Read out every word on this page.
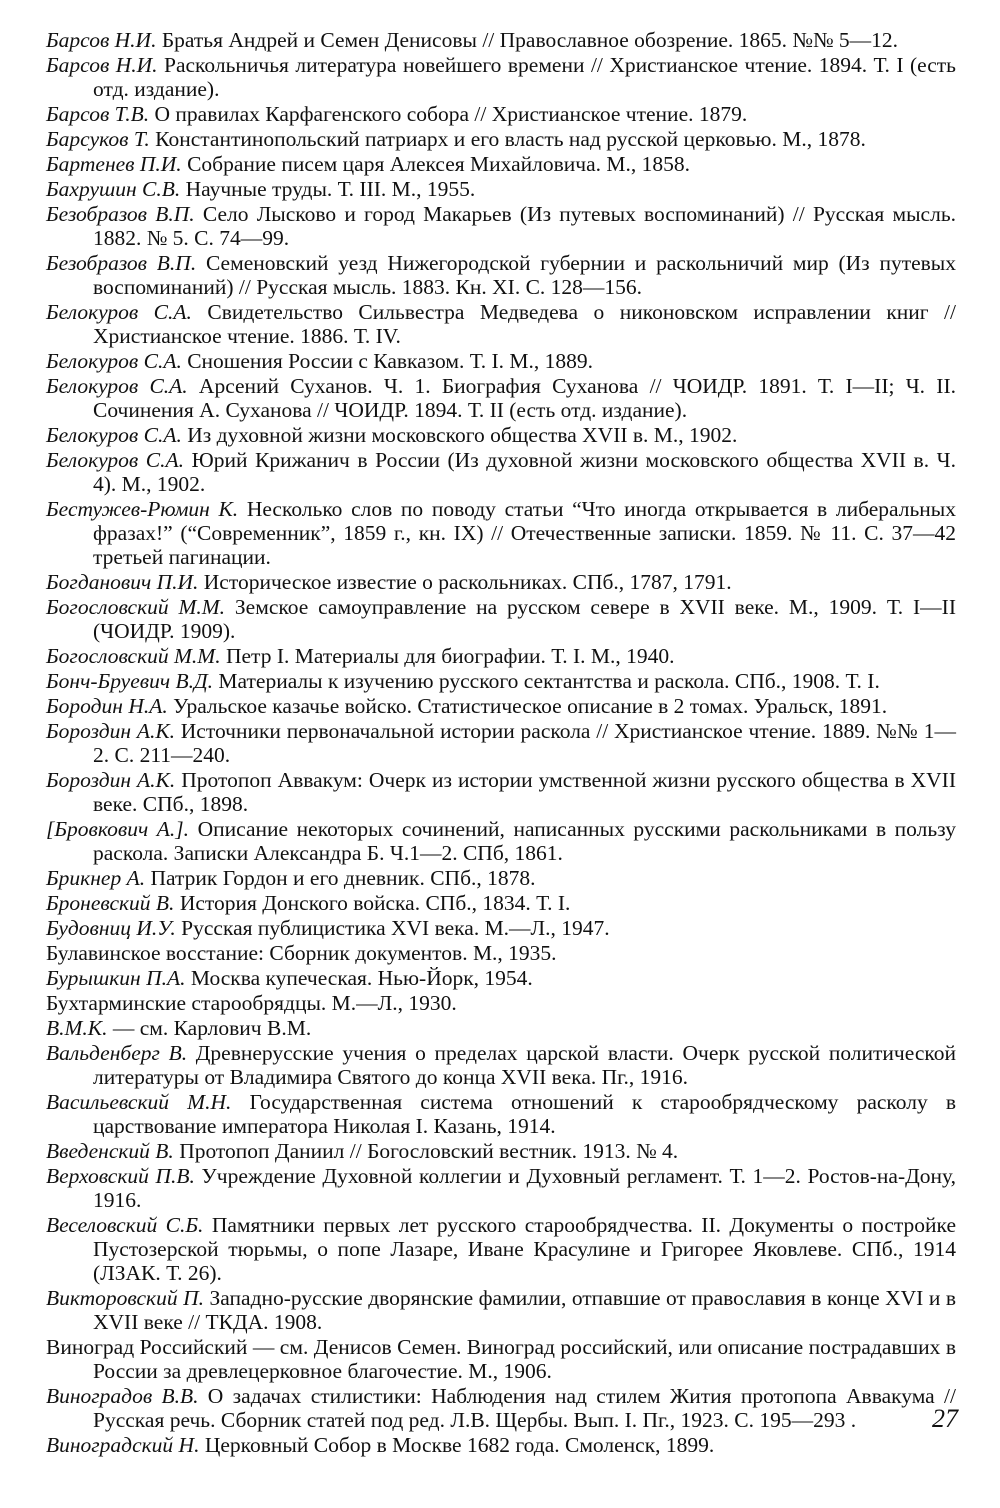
Барсов Н.И. Братья Андрей и Семен Денисовы // Православное обозрение. 1865. №№ 5—12.

Барсов Н.И. Раскольничья литература новейшего времени // Христианское чтение. 1894. Т. I (есть отд. издание).

Барсов Т.В. О правилах Карфагенского собора // Христианское чтение. 1879.

Барсуков Т. Константинопольский патриарх и его власть над русской церковью. М., 1878.

Бартенев П.И. Собрание писем царя Алексея Михайловича. М., 1858.

Бахрушин С.В. Научные труды. Т. III. М., 1955.

Безобразов В.П. Село Лысково и город Макарьев (Из путевых воспоминаний) // Русская мысль. 1882. № 5. С. 74—99.

Безобразов В.П. Семеновский уезд Нижегородской губернии и раскольничий мир (Из путевых воспоминаний) // Русская мысль. 1883. Кн. XI. С. 128—156.

Белокуров С.А. Свидетельство Сильвестра Медведева о никоновском исправлении книг // Христианское чтение. 1886. Т. IV.

Белокуров С.А. Сношения России с Кавказом. Т. I. М., 1889.

Белокуров С.А. Арсений Суханов. Ч. 1. Биография Суханова // ЧОИДР. 1891. Т. I—II; Ч. II. Сочинения А. Суханова // ЧОИДР. 1894. Т. II (есть отд. издание).

Белокуров С.А. Из духовной жизни московского общества XVII в. М., 1902.

Белокуров С.А. Юрий Крижанич в России (Из духовной жизни московского общества XVII в. Ч. 4). М., 1902.

Бестужев-Рюмин К. Несколько слов по поводу статьи “Что иногда открывается в либеральных фразах!” (“Современник”, 1859 г., кн. IX) // Отечественные записки. 1859. № 11. С. 37—42 третьей пагинации.

Богданович П.И. Историческое известие о раскольниках. СПб., 1787, 1791.

Богословский М.М. Земское самоуправление на русском севере в XVII веке. М., 1909. Т. I—II (ЧОИДР. 1909).

Богословский М.М. Петр I. Материалы для биографии. Т. I. М., 1940.

Бонч-Бруевич В.Д. Материалы к изучению русского сектантства и раскола. СПб., 1908. Т. I.

Бородин Н.А. Уральское казачье войско. Статистическое описание в 2 томах. Уральск, 1891.

Бороздин А.К. Источники первоначальной истории раскола // Христианское чтение. 1889. №№ 1—2. С. 211—240.

Бороздин А.К. Протопоп Аввакум: Очерк из истории умственной жизни русского общества в XVII веке. СПб., 1898.

[Бровкович А.]. Описание некоторых сочинений, написанных русскими раскольниками в пользу раскола. Записки Александра Б. Ч.1—2. СПб, 1861.

Брикнер А. Патрик Гордон и его дневник. СПб., 1878.

Броневский В. История Донского войска. СПб., 1834. Т. I.

Будовниц И.У. Русская публицистика XVI века. М.—Л., 1947.

Булавинское восстание: Сборник документов. М., 1935.

Бурышкин П.А. Москва купеческая. Нью-Йорк, 1954.

Бухтарминские старообрядцы. М.—Л., 1930.

В.М.К. — см. Карлович В.М.

Вальденберг В. Древнерусские учения о пределах царской власти. Очерк русской политической литературы от Владимира Святого до конца XVII века. Пг., 1916.

Васильевский М.Н. Государственная система отношений к старообрядческому расколу в царствование императора Николая I. Казань, 1914.

Введенский В. Протопоп Даниил // Богословский вестник. 1913. № 4.

Верховский П.В. Учреждение Духовной коллегии и Духовный регламент. Т. 1—2. Ростов-на-Дону, 1916.

Веселовский С.Б. Памятники первых лет русского старообрядчества. II. Документы о постройке Пустозерской тюрьмы, о попе Лазаре, Иване Красулине и Григорее Яковлеве. СПб., 1914 (ЛЗАК. Т. 26).

Викторовский П. Западно-русские дворянские фамилии, отпавшие от православия в конце XVI и в XVII веке // ТКДА. 1908.

Виноград Российский — см. Денисов Семен. Виноград российский, или описание пострадавших в России за древлецерковное благочестие. М., 1906.

Виноградов В.В. О задачах стилистики: Наблюдения над стилем Жития протопопа Аввакума // Русская речь. Сборник статей под ред. Л.В. Щербы. Вып. I. Пг., 1923. С. 195—293 .

Виноградский Н. Церковный Собор в Москве 1682 года. Смоленск, 1899.

27
